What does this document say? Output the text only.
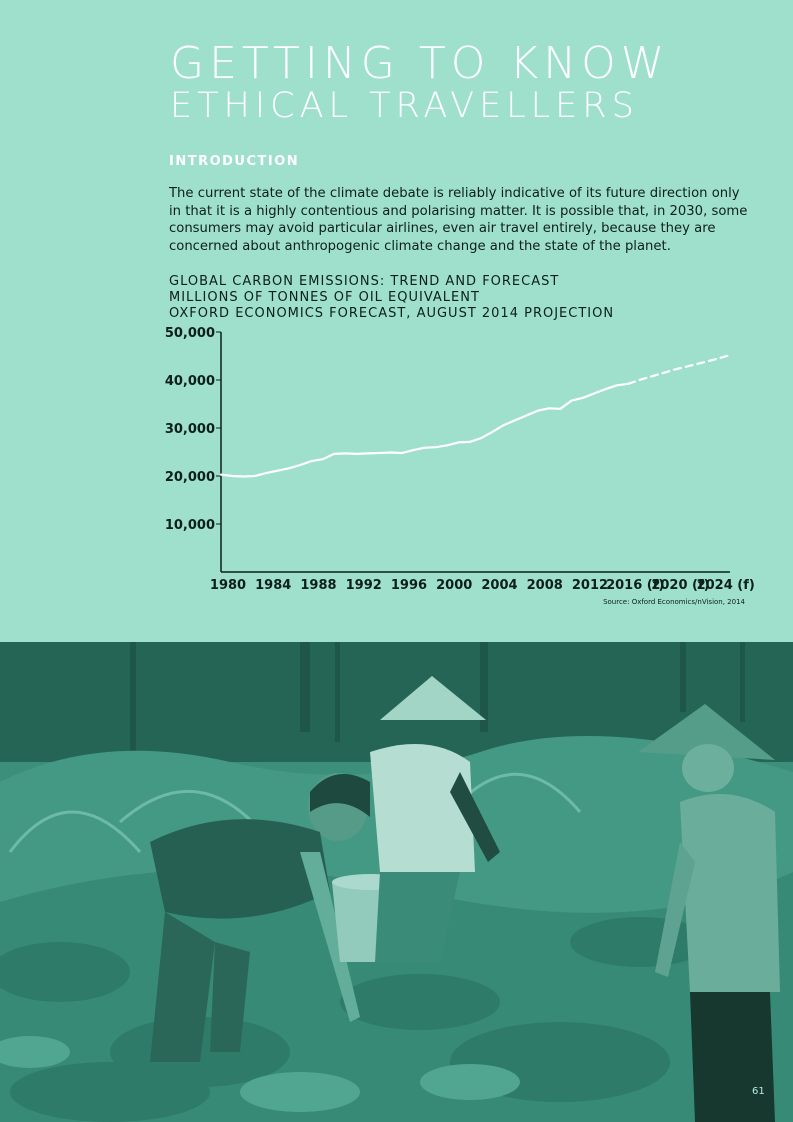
GETTING TO KNOW
ETHICAL TRAVELLERS
INTRODUCTION
The current state of the climate debate is reliably indicative of its future direction only in that it is a highly contentious and polarising matter. It is possible that, in 2030, some consumers may avoid particular airlines, even air travel entirely, because they are concerned about anthropogenic climate change and the state of the planet.
GLOBAL CARBON EMISSIONS: TREND AND FORECAST
MILLIONS OF TONNES OF OIL EQUIVALENT
OXFORD ECONOMICS FORECAST, AUGUST 2014 PROJECTION
10,000
20,000
30,000
40,000
50,000
1980 1984 1988 1992 1996 2000 2004 2008 2012
2016 (f)
2020 (f)
2024 (f)
Source: Oxford Economics/nVision, 2014
61
